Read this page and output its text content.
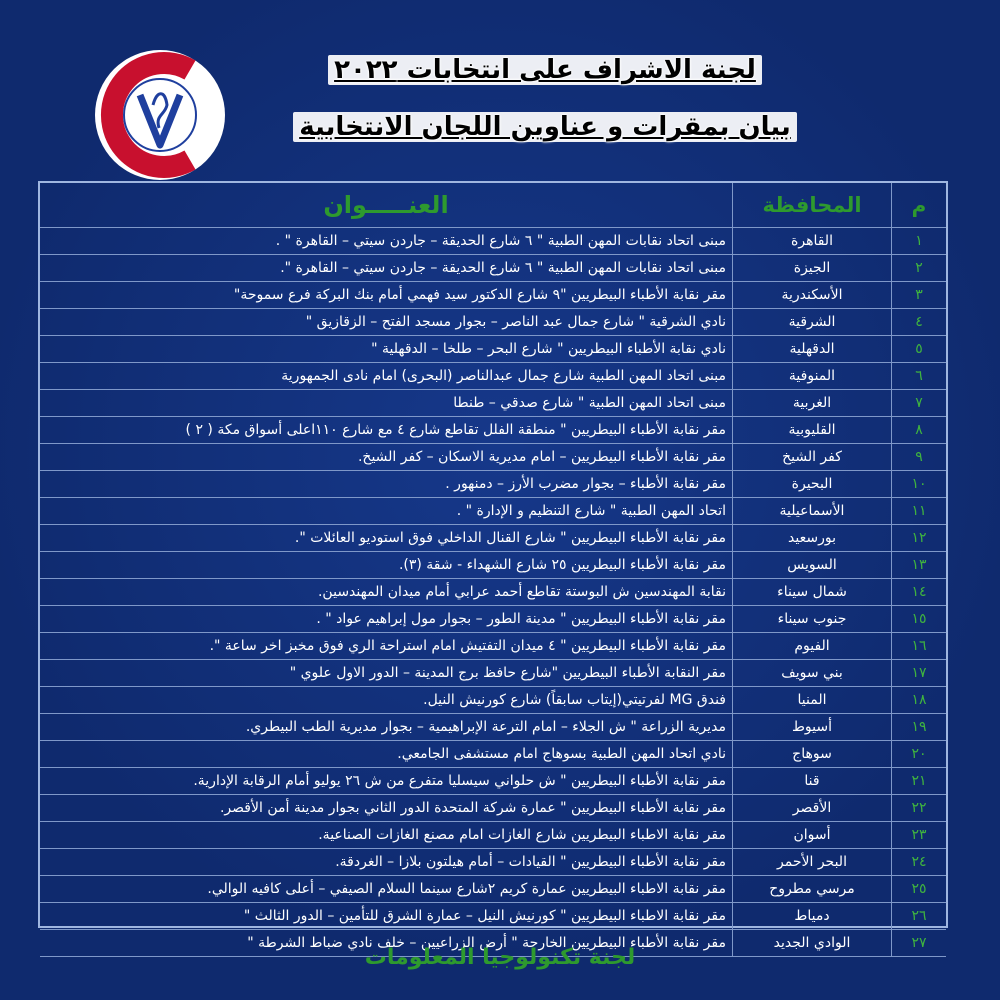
لجنة الاشراف على انتخابات ٢٠٢٢
بيان بمقرات و عناوين اللجان الانتخابية
م	المحافظة	العنـــــوان
١	القاهرة	مبنى اتحاد نقابات المهن الطبية " ٦ شارع الحديقة – جاردن سيتي – القاهرة " .
٢	الجيزة	مبنى اتحاد نقابات المهن الطبية " ٦ شارع الحديقة – جاردن سيتي – القاهرة ".
٣	الأسكندرية	مقر نقابة الأطباء البيطريين "٩ شارع الدكتور سيد فهمي أمام بنك البركة فرع سموحة"
٤	الشرقية	نادي الشرقية " شارع جمال عبد الناصر – بجوار مسجد الفتح – الزقازيق "
٥	الدقهلية	نادي نقابة الأطباء البيطريين " شارع البحر – طلخا – الدقهلية "
٦	المنوفية	مبنى اتحاد المهن الطبية شارع جمال عبدالناصر (البحرى) امام نادى الجمهورية
٧	الغربية	مبنى اتحاد المهن الطبية " شارع صدقي – طنطا
٨	القليوبية	مقر نقابة الأطباء البيطريين " منطقة الفلل تقاطع شارع ٤ مع شارع ١١٠اعلى أسواق مكة ( ٢ )
٩	كفر الشيخ	مقر نقابة الأطباء البيطريين – امام مديرية الاسكان – كفر الشيخ.
١٠	البحيرة	مقر نقابة الأطباء – بجوار مضرب الأرز – دمنهور .
١١	الأسماعيلية	اتحاد المهن الطبية " شارع التنظيم و الإدارة " .
١٢	بورسعيد	مقر نقابة الأطباء البيطريين " شارع القنال الداخلي فوق استوديو العائلات ".
١٣	السويس	مقر نقابة الأطباء البيطريين ٢٥ شارع الشهداء - شقة (٣).
١٤	شمال سيناء	نقابة المهندسين ش البوستة تقاطع أحمد عرابي أمام ميدان المهندسين.
١٥	جنوب سيناء	مقر نقابة الأطباء البيطريين " مدينة الطور – بجوار مول إبراهيم عواد " .
١٦	الفيوم	مقر نقابة الأطباء البيطريين " ٤ ميدان التفتيش امام استراحة الري فوق مخبز اخر ساعة ".
١٧	بني سويف	مقر النقابة الأطباء البيطريين "شارع حافظ برج المدينة – الدور الاول علوي "
١٨	المنيا	فندق MG لفرتيتي(إيتاب سابقاً) شارع كورنيش النيل.
١٩	أسيوط	مديرية الزراعة " ش الجلاء – امام الترعة الإبراهيمية – بجوار مديرية الطب البيطري.
٢٠	سوهاج	نادي اتحاد المهن الطبية بسوهاج امام مستشفى الجامعي.
٢١	قنا	مقر نقابة الأطباء البيطريين " ش حلواني سيسليا متفرع من ش ٢٦ يوليو أمام الرقابة الإدارية.
٢٢	الأقصر	مقر نقابة الأطباء البيطريين " عمارة شركة المتحدة الدور الثاني بجوار مدينة أمن الأقصر.
٢٣	أسوان	مقر نقابة الاطباء البيطريين شارع الغازات امام مصنع الغازات الصناعية.
٢٤	البحر الأحمر	مقر نقابة الأطباء البيطريين " القيادات – أمام هيلتون بلازا – الغردقة.
٢٥	مرسي مطروح	مقر نقابة الاطباء البيطريين عمارة كريم ٢شارع سينما السلام الصيفي – أعلى كافيه الوالي.
٢٦	دمياط	مقر نقابة الاطباء البيطريين " كورنيش النيل – عمارة الشرق للتأمين – الدور الثالث "
٢٧	الوادي الجديد	مقر نقابة الأطباء البيطريين الخارجة " أرض الزراعيين – خلف نادي ضباط الشرطة "
لجنة تكنولوجيا المعلومات
